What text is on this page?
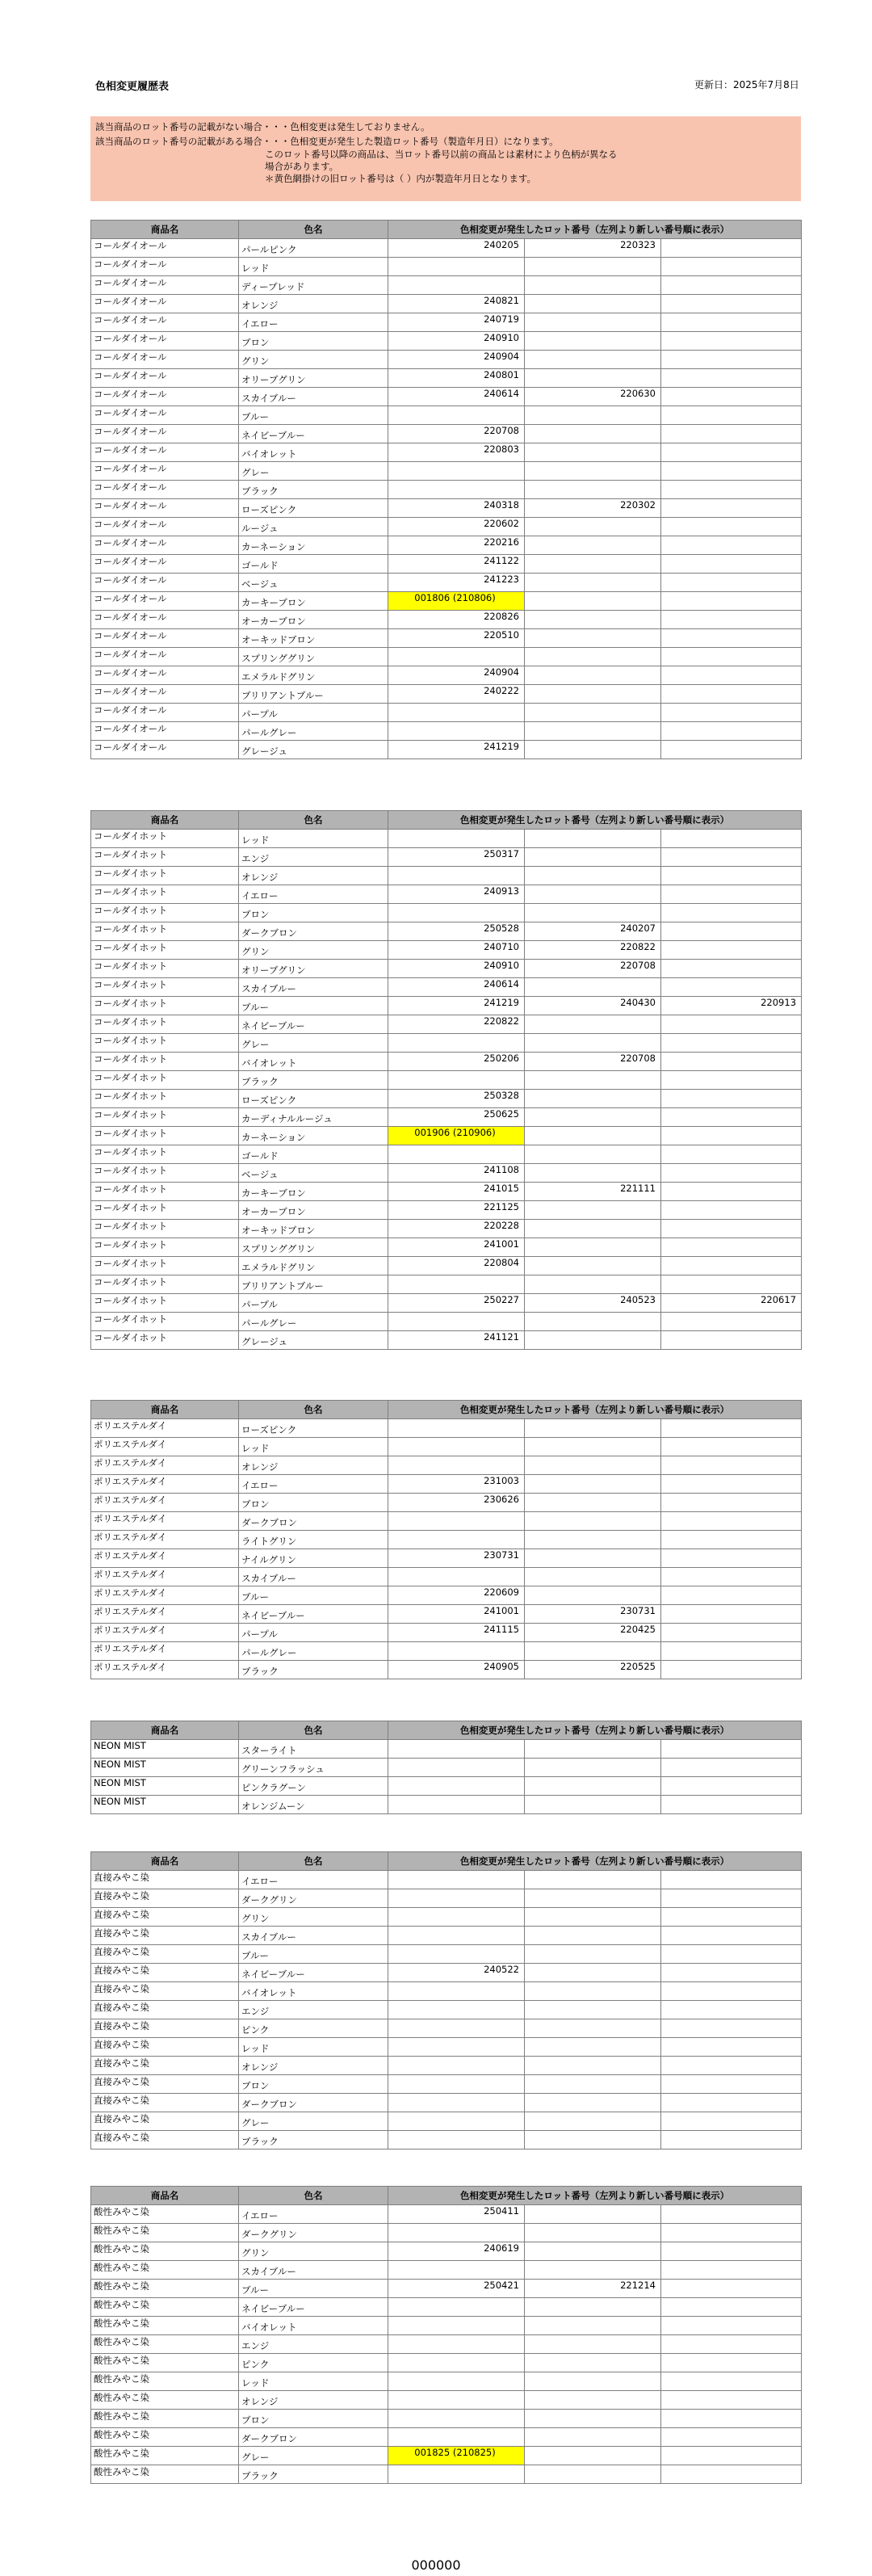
色相変更履歴表	更新日：2025年7月8日
該当商品のロット番号の記載がない場合・・・色相変更は発生しておりません。
該当商品のロット番号の記載がある場合・・・色相変更が発生した製造ロット番号（製造年月日）になります。
このロット番号以降の商品は、当ロット番号以前の商品とは素材により色柄が異なる
場合があります。
＊黄色網掛けの旧ロット番号は（ ）内が製造年月日となります。
商品名	色名	色相変更が発生したロット番号（左列より新しい番号順に表示）		
コールダイオール	パールピンク	240205	220323	
コールダイオール	レッド			
コールダイオール	ディープレッド			
コールダイオール	オレンジ	240821		
コールダイオール	イエロー	240719		
コールダイオール	ブロン	240910		
コールダイオール	グリン	240904		
コールダイオール	オリーブグリン	240801		
コールダイオール	スカイブルー	240614	220630	
コールダイオール	ブルー			
コールダイオール	ネイビーブルー	220708		
コールダイオール	バイオレット	220803		
コールダイオール	グレー			
コールダイオール	ブラック			
コールダイオール	ローズピンク	240318	220302	
コールダイオール	ルージュ	220602		
コールダイオール	カーネーション	220216		
コールダイオール	ゴールド	241122		
コールダイオール	ベージュ	241223		
コールダイオール	カーキーブロン	001806 (210806)		
コールダイオール	オーカーブロン	220826		
コールダイオール	オーキッドブロン	220510		
コールダイオール	スプリンググリン			
コールダイオール	エメラルドグリン	240904		
コールダイオール	ブリリアントブルー	240222		
コールダイオール	パープル			
コールダイオール	パールグレー			
コールダイオール	グレージュ	241219		
商品名	色名	色相変更が発生したロット番号（左列より新しい番号順に表示）		
コールダイホット	レッド			
コールダイホット	エンジ	250317		
コールダイホット	オレンジ			
コールダイホット	イエロー	240913		
コールダイホット	ブロン			
コールダイホット	ダークブロン	250528	240207	
コールダイホット	グリン	240710	220822	
コールダイホット	オリーブグリン	240910	220708	
コールダイホット	スカイブルー	240614		
コールダイホット	ブルー	241219	240430	220913
コールダイホット	ネイビーブルー	220822		
コールダイホット	グレー			
コールダイホット	バイオレット	250206	220708	
コールダイホット	ブラック			
コールダイホット	ローズピンク	250328		
コールダイホット	カーディナルルージュ	250625		
コールダイホット	カーネーション	001906 (210906)		
コールダイホット	ゴールド			
コールダイホット	ベージュ	241108		
コールダイホット	カーキーブロン	241015	221111	
コールダイホット	オーカーブロン	221125		
コールダイホット	オーキッドブロン	220228		
コールダイホット	スプリンググリン	241001		
コールダイホット	エメラルドグリン	220804		
コールダイホット	ブリリアントブルー			
コールダイホット	パープル	250227	240523	220617
コールダイホット	パールグレー			
コールダイホット	グレージュ	241121		
商品名	色名	色相変更が発生したロット番号（左列より新しい番号順に表示）		
ポリエステルダイ	ローズピンク			
ポリエステルダイ	レッド			
ポリエステルダイ	オレンジ			
ポリエステルダイ	イエロー	231003		
ポリエステルダイ	ブロン	230626		
ポリエステルダイ	ダークブロン			
ポリエステルダイ	ライトグリン			
ポリエステルダイ	ナイルグリン	230731		
ポリエステルダイ	スカイブルー			
ポリエステルダイ	ブルー	220609		
ポリエステルダイ	ネイビーブルー	241001	230731	
ポリエステルダイ	パープル	241115	220425	
ポリエステルダイ	パールグレー			
ポリエステルダイ	ブラック	240905	220525	
商品名	色名	色相変更が発生したロット番号（左列より新しい番号順に表示）		
NEON MIST	スターライト			
NEON MIST	グリーンフラッシュ			
NEON MIST	ピンクラグーン			
NEON MIST	オレンジムーン			
商品名	色名	色相変更が発生したロット番号（左列より新しい番号順に表示）		
直接みやこ染	イエロー			
直接みやこ染	ダークグリン			
直接みやこ染	グリン			
直接みやこ染	スカイブルー			
直接みやこ染	ブルー			
直接みやこ染	ネイビーブルー	240522		
直接みやこ染	バイオレット			
直接みやこ染	エンジ			
直接みやこ染	ピンク			
直接みやこ染	レッド			
直接みやこ染	オレンジ			
直接みやこ染	ブロン			
直接みやこ染	ダークブロン			
直接みやこ染	グレー			
直接みやこ染	ブラック			
商品名	色名	色相変更が発生したロット番号（左列より新しい番号順に表示）		
酸性みやこ染	イエロー	250411		
酸性みやこ染	ダークグリン			
酸性みやこ染	グリン	240619		
酸性みやこ染	スカイブルー			
酸性みやこ染	ブルー	250421	221214	
酸性みやこ染	ネイビーブルー			
酸性みやこ染	バイオレット			
酸性みやこ染	エンジ			
酸性みやこ染	ピンク			
酸性みやこ染	レッド			
酸性みやこ染	オレンジ			
酸性みやこ染	ブロン			
酸性みやこ染	ダークブロン			
酸性みやこ染	グレー	001825 (210825)		
酸性みやこ染	ブラック			
000000
